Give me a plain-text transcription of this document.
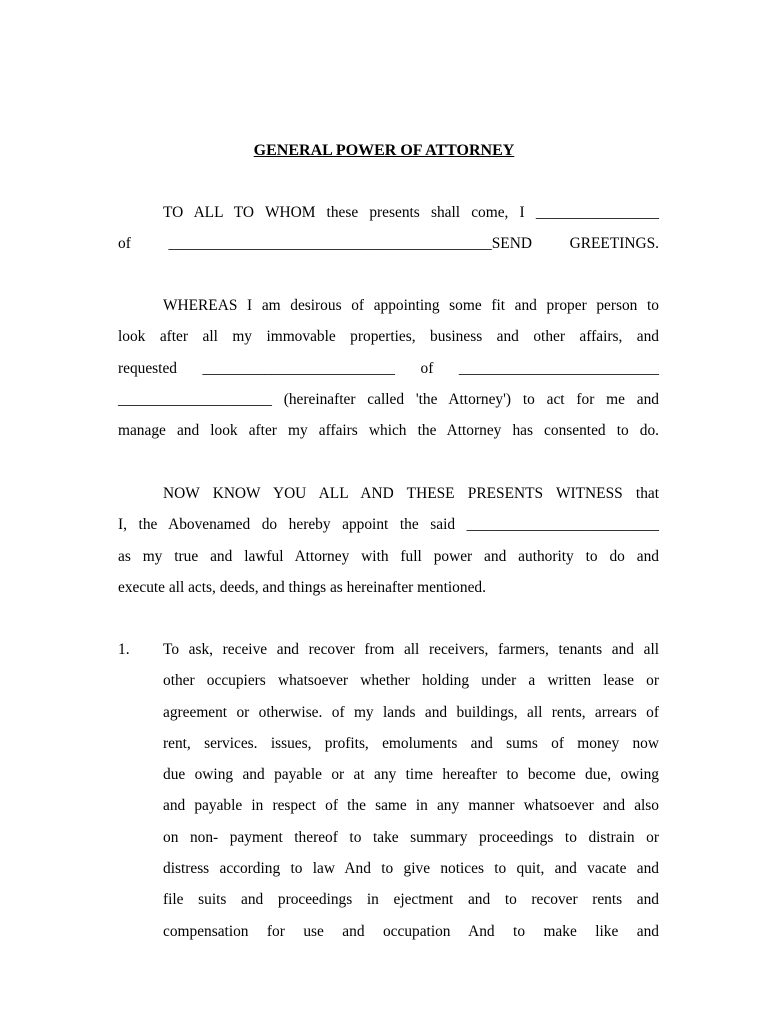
GENERAL POWER OF ATTORNEY
TO ALL TO WHOM these presents shall come, I ________________
of __________________________________________SEND GREETINGS.
WHEREAS I am desirous of appointing some fit and proper person to
look after all my immovable properties, business and other affairs, and
requested _________________________ of __________________________
____________________ (hereinafter called 'the Attorney') to act for me and
manage and look after my affairs which the Attorney has consented to do.
NOW KNOW YOU ALL AND THESE PRESENTS WITNESS that
I, the Abovenamed do hereby appoint the said _________________________
as my true and lawful Attorney with full power and authority to do and
execute all acts, deeds, and things as hereinafter mentioned.
1. To ask, receive and recover from all receivers, farmers, tenants and all
other occupiers whatsoever whether holding under a written lease or
agreement or otherwise. of my lands and buildings, all rents, arrears of
rent, services. issues, profits, emoluments and sums of money now
due owing and payable or at any time hereafter to become due, owing
and payable in respect of the same in any manner whatsoever and also
on non- payment thereof to take summary proceedings to distrain or
distress according to law And to give notices to quit, and vacate and
file suits and proceedings in ejectment and to recover rents and
compensation for use and occupation And to make like and
